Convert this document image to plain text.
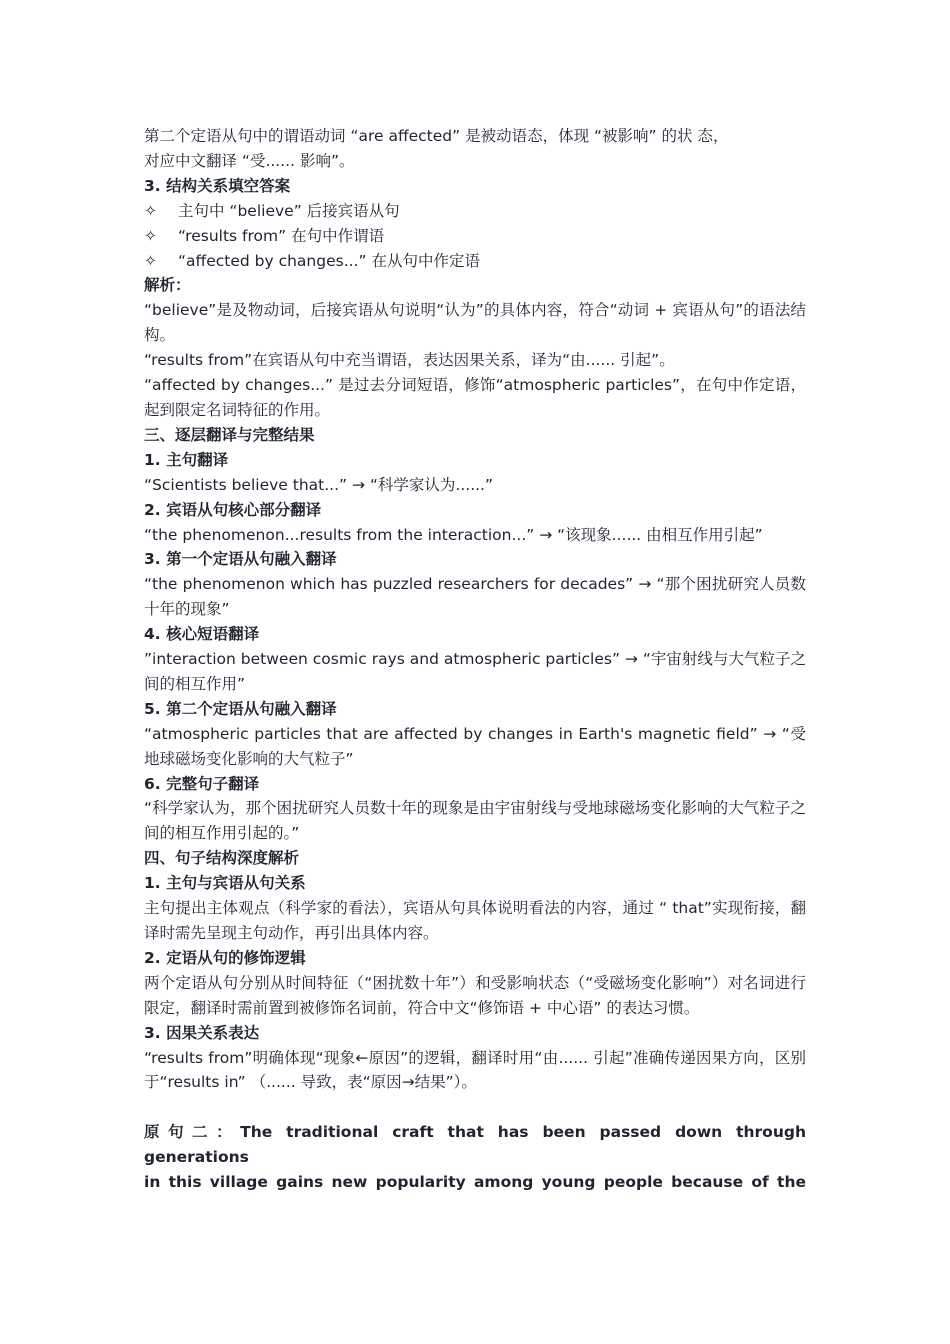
第二个定语从句中的谓语动词 “are affected” 是被动语态，体现 “被影响” 的状 态，

对应中文翻译 “受...... 影响”。

3. 结构关系填空答案

✧	主句中 “believe” 后接宾语从句
✧	“results from” 在句中作谓语
✧	“affected by changes...” 在从句中作定语

解析：

“believe”是及物动词，后接宾语从句说明“认为”的具体内容，符合“动词 + 宾语从句”的语法结构。

“results from”在宾语从句中充当谓语，表达因果关系，译为“由...... 引起”。

“affected by changes...” 是过去分词短语，修饰“atmospheric particles”，在句中作定语，起到限定名词特征的作用。

三、逐层翻译与完整结果

1. 主句翻译

“Scientists believe that...” → “科学家认为......”

2. 宾语从句核心部分翻译

“the phenomenon...results from the interaction...” → “该现象...... 由相互作用引起”

3. 第一个定语从句融入翻译

“the phenomenon which has puzzled researchers for decades” → “那个困扰研究人员数十年的现象”

4. 核心短语翻译

”interaction between cosmic rays and atmospheric particles” → “宇宙射线与大气粒子之间的相互作用”

5. 第二个定语从句融入翻译

“atmospheric particles that are affected by changes in Earth's magnetic field” → “受地球磁场变化影响的大气粒子”

6. 完整句子翻译

“科学家认为，那个困扰研究人员数十年的现象是由宇宙射线与受地球磁场变化影响的大气粒子之间的相互作用引起的。”

四、句子结构深度解析

1. 主句与宾语从句关系

主句提出主体观点（科学家的看法），宾语从句具体说明看法的内容，通过 “ that”实现衔接，翻译时需先呈现主句动作，再引出具体内容。

2. 定语从句的修饰逻辑

两个定语从句分别从时间特征（“困扰数十年”）和受影响状态（“受磁场变化影响”）对名词进行限定，翻译时需前置到被修饰名词前，符合中文“修饰语 + 中心语” 的表达习惯。

3. 因果关系表达

“results from”明确体现“现象←原因”的逻辑，翻译时用“由...... 引起”准确传递因果方向，区别于“results in” （...... 导致，表“原因→结果”）。

原句二：The traditional craft that has been passed down through generations

in this village gains new popularity among young people because of the
